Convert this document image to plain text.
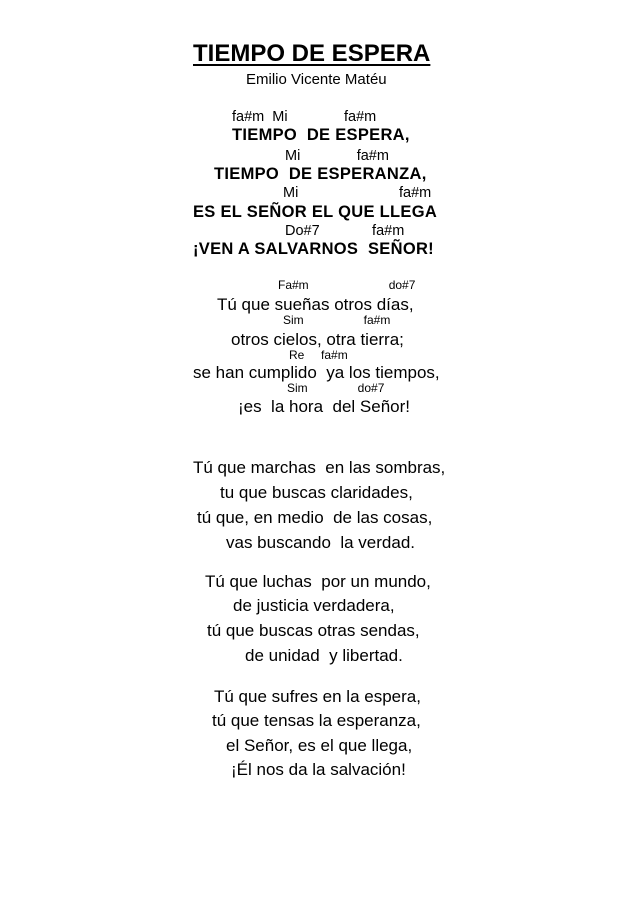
TIEMPO DE ESPERA
Emilio Vicente Matéu
fa#m  Mi              fa#m
TIEMPO  DE ESPERA,
Mi              fa#m
TIEMPO  DE ESPERANZA,
Mi                         fa#m
ES EL SEÑOR EL QUE LLEGA
Do#7             fa#m
¡VEN A SALVARNOS  SEÑOR!
Fa#m                        do#7
Tú que sueñas otros días,
Sim                  fa#m
otros cielos, otra tierra;
Re     fa#m
se han cumplido  ya los tiempos,
Sim               do#7
¡es  la hora  del Señor!
Tú que marchas  en las sombras,
tu que buscas claridades,
tú que, en medio  de las cosas,
vas buscando  la verdad.
Tú que luchas  por un mundo,
de justicia verdadera,
tú que buscas otras sendas,
de unidad  y libertad.
Tú que sufres en la espera,
tú que tensas la esperanza,
el Señor, es el que llega,
¡Él nos da la salvación!
